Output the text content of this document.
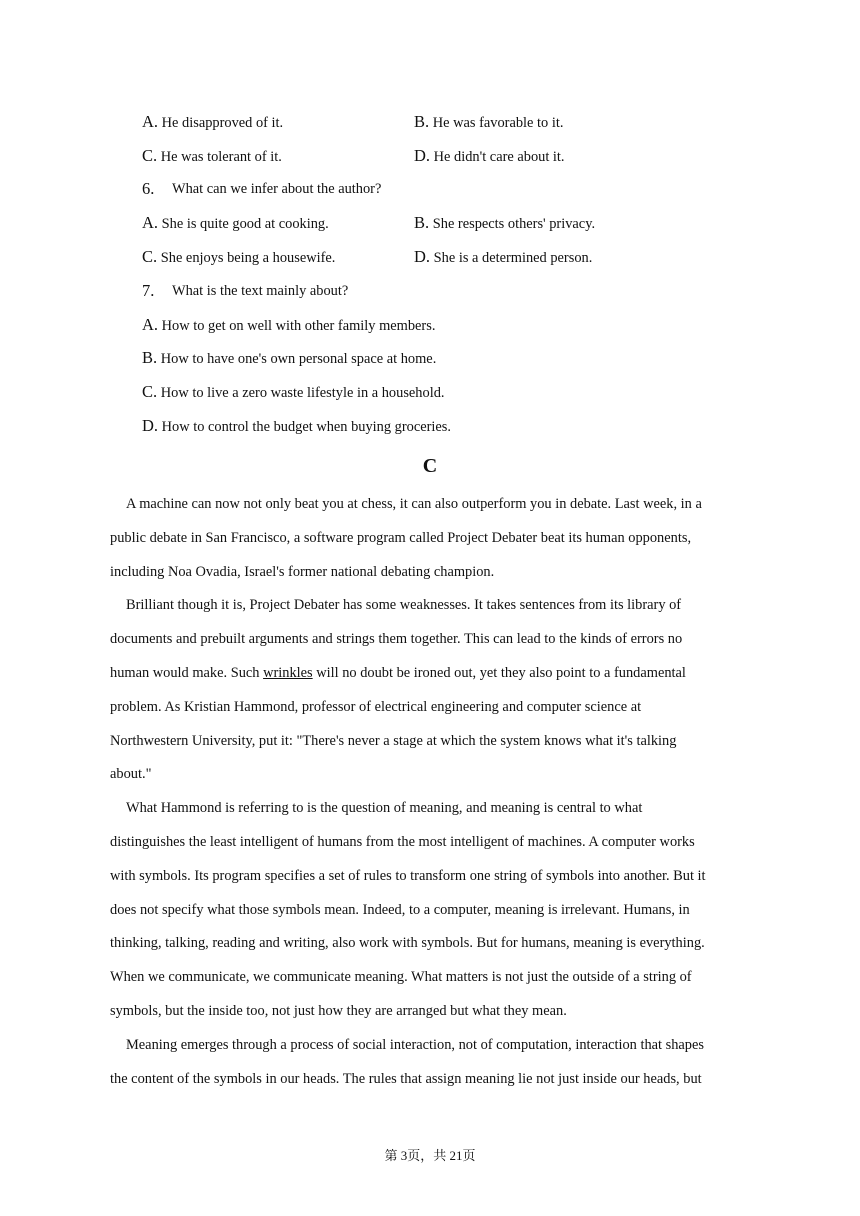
A. He disapproved of it.	B. He was favorable to it.
C. He was tolerant of it.	D. He didn't care about it.
6. What can we infer about the author?
A. She is quite good at cooking.	B. She respects others' privacy.
C. She enjoys being a housewife.	D. She is a determined person.
7. What is the text mainly about?
A. How to get on well with other family members.
B. How to have one's own personal space at home.
C. How to live a zero waste lifestyle in a household.
D. How to control the budget when buying groceries.
C
A machine can now not only beat you at chess, it can also outperform you in debate. Last week, in a
public debate in San Francisco, a software program called Project Debater beat its human opponents,
including Noa Ovadia, Israel's former national debating champion.
Brilliant though it is, Project Debater has some weaknesses. It takes sentences from its library of
documents and prebuilt arguments and strings them together. This can lead to the kinds of errors no
human would make. Such wrinkles will no doubt be ironed out, yet they also point to a fundamental
problem. As Kristian Hammond, professor of electrical engineering and computer science at
Northwestern University, put it: "There's never a stage at which the system knows what it's talking
about."
What Hammond is referring to is the question of meaning, and meaning is central to what
distinguishes the least intelligent of humans from the most intelligent of machines. A computer works
with symbols. Its program specifies a set of rules to transform one string of symbols into another. But it
does not specify what those symbols mean. Indeed, to a computer, meaning is irrelevant. Humans, in
thinking, talking, reading and writing, also work with symbols. But for humans, meaning is everything.
When we communicate, we communicate meaning. What matters is not just the outside of a string of
symbols, but the inside too, not just how they are arranged but what they mean.
Meaning emerges through a process of social interaction, not of computation, interaction that shapes
the content of the symbols in our heads. The rules that assign meaning lie not just inside our heads, but
第 3页，共 21页
